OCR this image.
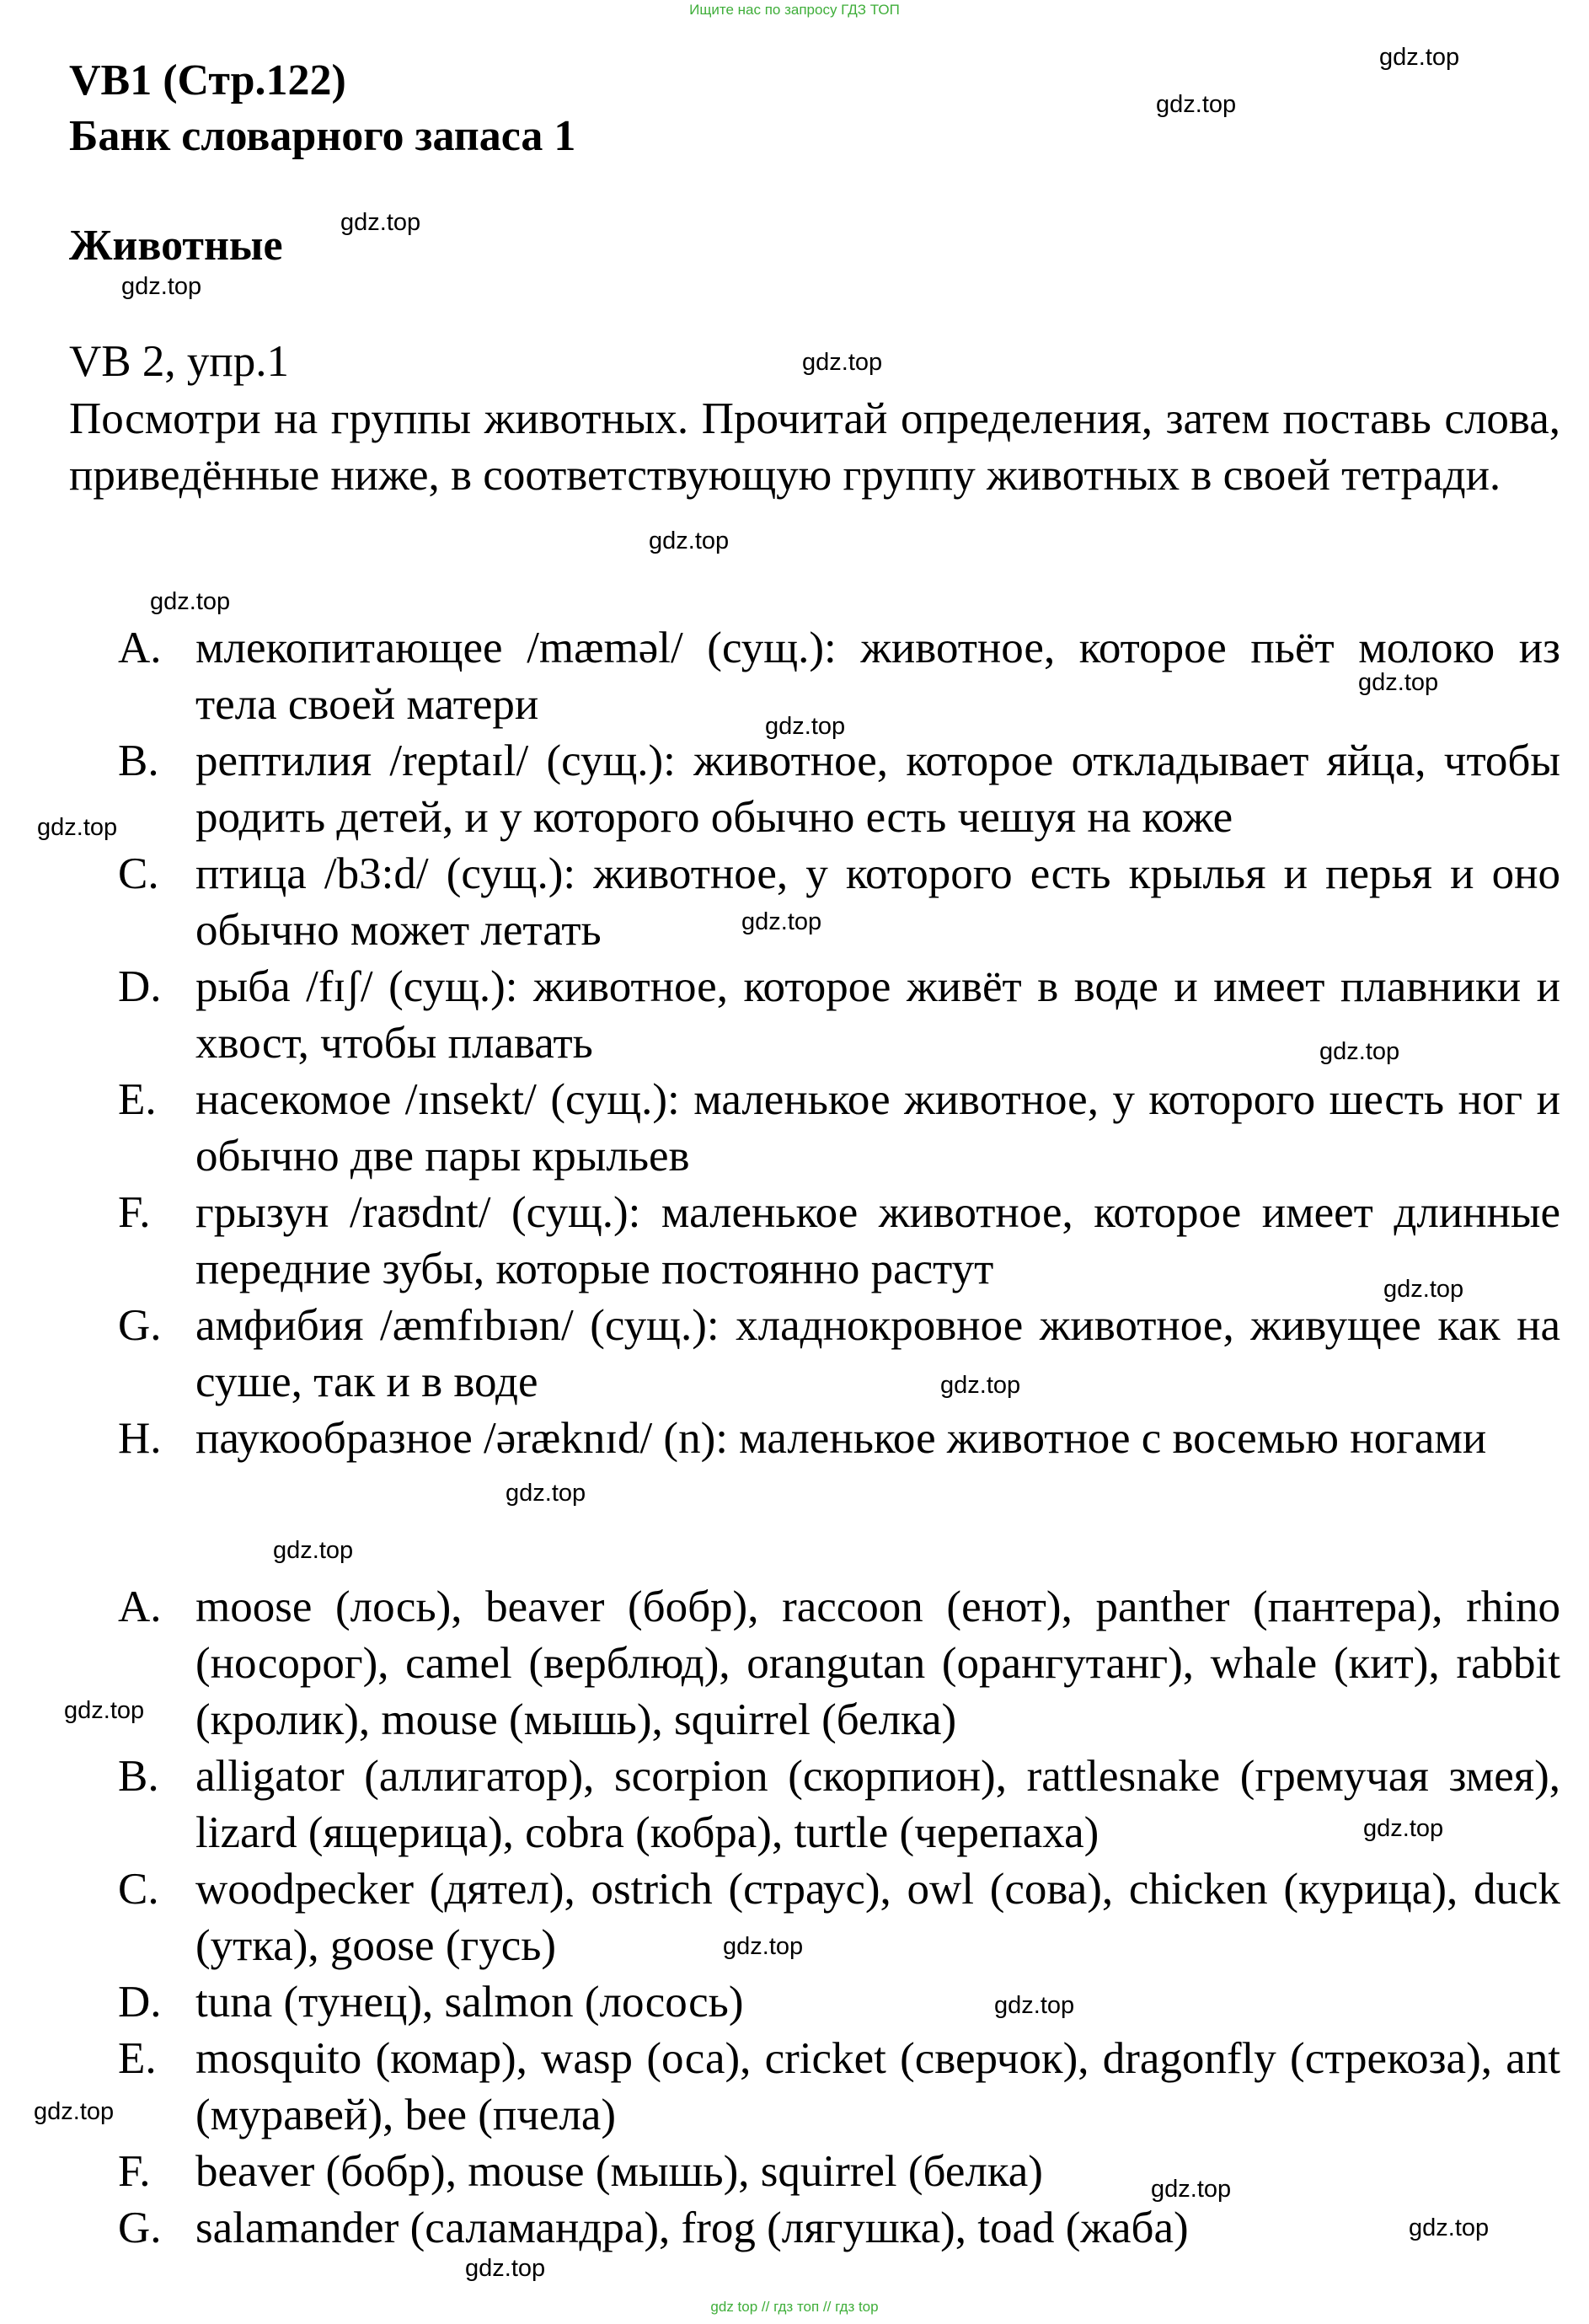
Ищите нас по запросу ГДЗ ТОП
VB1 (Стр.122)
Банк словарного запаса 1
Животные
VB 2, упр.1
Посмотри на группы животных. Прочитай определения, затем поставь слова, приведённые ниже, в соответствующую группу животных в своей тетради.
A. млекопитающее /mæməl/ (сущ.): животное, которое пьёт молоко из тела своей матери
B. рептилия /reptaɪl/ (сущ.): животное, которое откладывает яйца, чтобы родить детей, и у которого обычно есть чешуя на коже
C. птица /b3:d/ (сущ.): животное, у которого есть крылья и перья и оно обычно может летать
D. рыба /fɪʃ/ (сущ.): животное, которое живёт в воде и имеет плавники и хвост, чтобы плавать
E. насекомое /ɪnsekt/ (сущ.): маленькое животное, у которого шесть ног и обычно две пары крыльев
F.	грызун /raʊdnt/ (сущ.): маленькое животное, которое имеет длинные передние зубы, которые постоянно растут
G. амфибия /æmfɪbɪən/ (сущ.): хладнокровное животное, живущее как на суше, так и в воде
H. паукообразное /əræknɪd/ (n): маленькое животное с восемью ногами
A. moose (лось), beaver (бобр), raccoon (енот), panther (пантера), rhino (носорог), camel (верблюд), orangutan (орангутанг), whale (кит), rabbit (кролик), mouse (мышь), squirrel (белка)
B. alligator (аллигатор), scorpion (скорпион), rattlesnake (гремучая змея), lizard (ящерица), cobra (кобра), turtle (черепаха)
C. woodpecker (дятел), ostrich (страус), owl (сова), chicken (курица), duck (утка), goose (гусь)
D. tuna (тунец), salmon (лосось)
E. mosquito (комар), wasp (оса), cricket (сверчок), dragonfly (стрекоза), ant (муравей), bee (пчела)
F.	beaver (бобр), mouse (мышь), squirrel (белка)
G. salamander (саламандра), frog (лягушка), toad (жаба)
gdz.top
gdz.top
gdz.top
gdz.top
gdz.top
gdz.top
gdz.top
gdz.top
gdz.top
gdz.top
gdz.top
gdz.top
gdz.top
gdz.top
gdz.top
gdz.top
gdz.top
gdz.top
gdz.top
gdz.top
gdz.top
gdz.top
gdz.top
gdz.top
gdz top // гдз топ // гдз top
